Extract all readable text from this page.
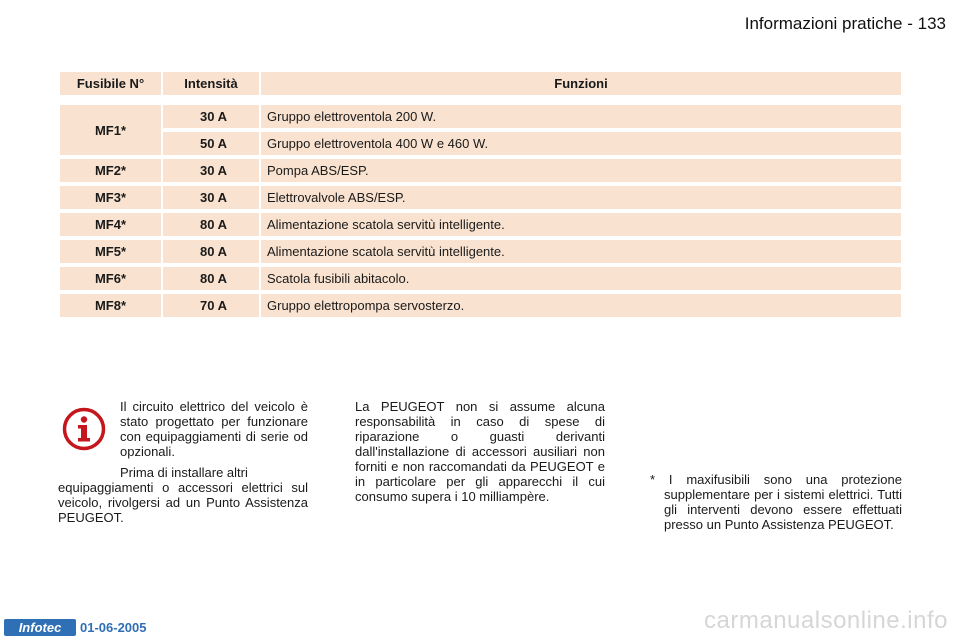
Informazioni pratiche - 133
Fusibile N°	Intensità	Funzioni

MF1*	30 A	Gruppo elettroventola 200 W.
	50 A	Gruppo elettroventola 400 W e 460 W.
MF2*	30 A	Pompa ABS/ESP.
MF3*	30 A	Elettrovalvole ABS/ESP.
MF4*	80 A	Alimentazione scatola servitù intelligente.
MF5*	80 A	Alimentazione scatola servitù intelligente.
MF6*	80 A	Scatola fusibili abitacolo.
MF8*	70 A	Gruppo elettropompa servosterzo.

Il circuito elettrico del veicolo è stato progettato per funzionare con equipaggiamenti di serie od opzionali.

Prima di installare altri

equipaggiamenti o accessori elettrici sul veicolo, rivolgersi ad un Punto Assistenza PEUGEOT.

La PEUGEOT non si assume alcuna responsabilità in caso di spese di riparazione o guasti derivanti dall'installazione di accessori ausiliari non forniti e non raccomandati da PEUGEOT e in particolare per gli apparecchi il cui consumo supera i 10 milliampère.

* I maxifusibili sono una protezione supplementare per i sistemi elettrici. Tutti gli interventi devono essere effettuati presso un Punto Assistenza PEUGEOT.

Infotec	01-06-2005	carmanualsonline.info
